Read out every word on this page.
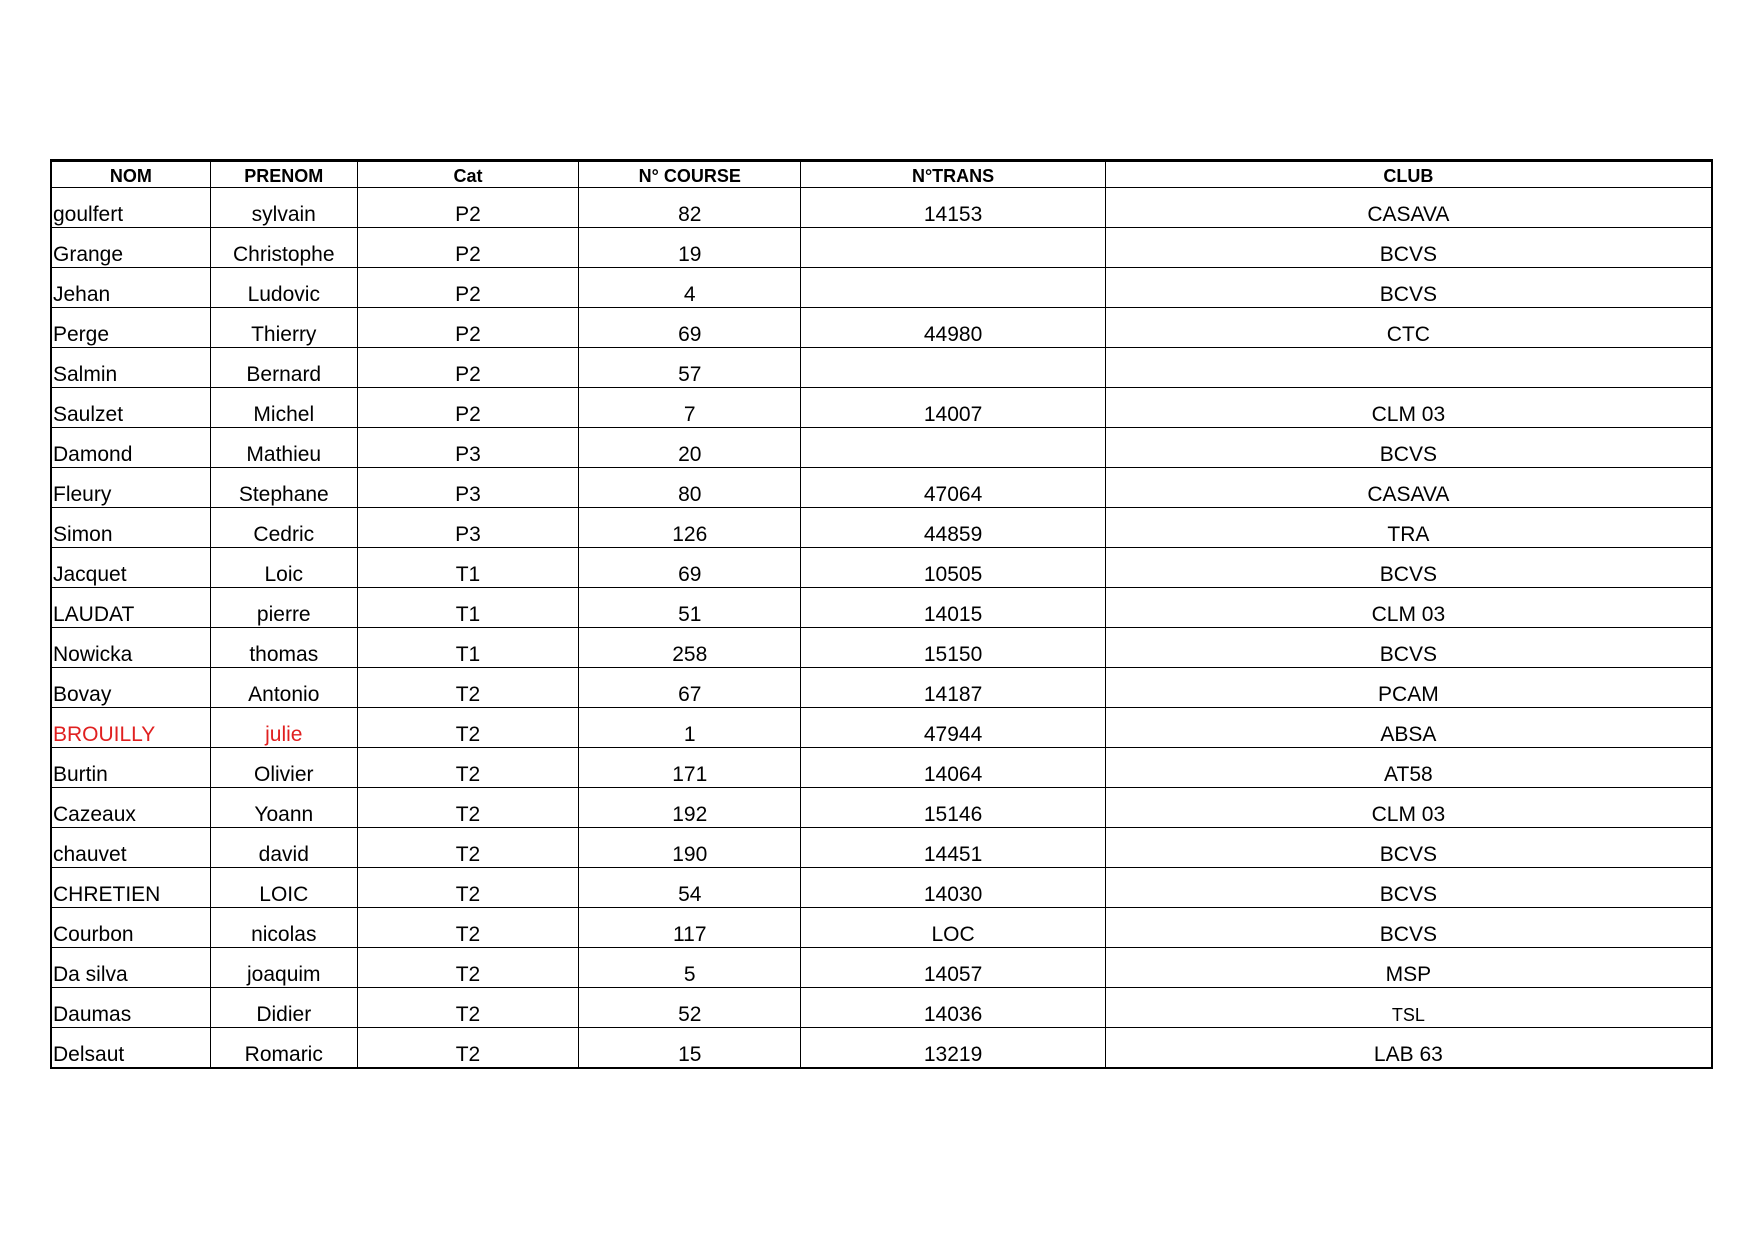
NOM	PRENOM	Cat	N° COURSE	N°TRANS	CLUB
goulfert	sylvain	P2	82	14153	CASAVA
Grange	Christophe	P2	19		BCVS
Jehan	Ludovic	P2	4		BCVS
Perge	Thierry	P2	69	44980	CTC
Salmin	Bernard	P2	57		
Saulzet	Michel	P2	7	14007	CLM 03
Damond	Mathieu	P3	20		BCVS
Fleury	Stephane	P3	80	47064	CASAVA
Simon	Cedric	P3	126	44859	TRA
Jacquet	Loic	T1	69	10505	BCVS
LAUDAT	pierre	T1	51	14015	CLM 03
Nowicka	thomas	T1	258	15150	BCVS
Bovay	Antonio	T2	67	14187	PCAM
BROUILLY	julie	T2	1	47944	ABSA
Burtin	Olivier	T2	171	14064	AT58
Cazeaux	Yoann	T2	192	15146	CLM 03
chauvet	david	T2	190	14451	BCVS
CHRETIEN	LOIC	T2	54	14030	BCVS
Courbon	nicolas	T2	117	LOC	BCVS
Da silva	joaquim	T2	5	14057	MSP
Daumas	Didier	T2	52	14036	TSL
Delsaut	Romaric	T2	15	13219	LAB 63
